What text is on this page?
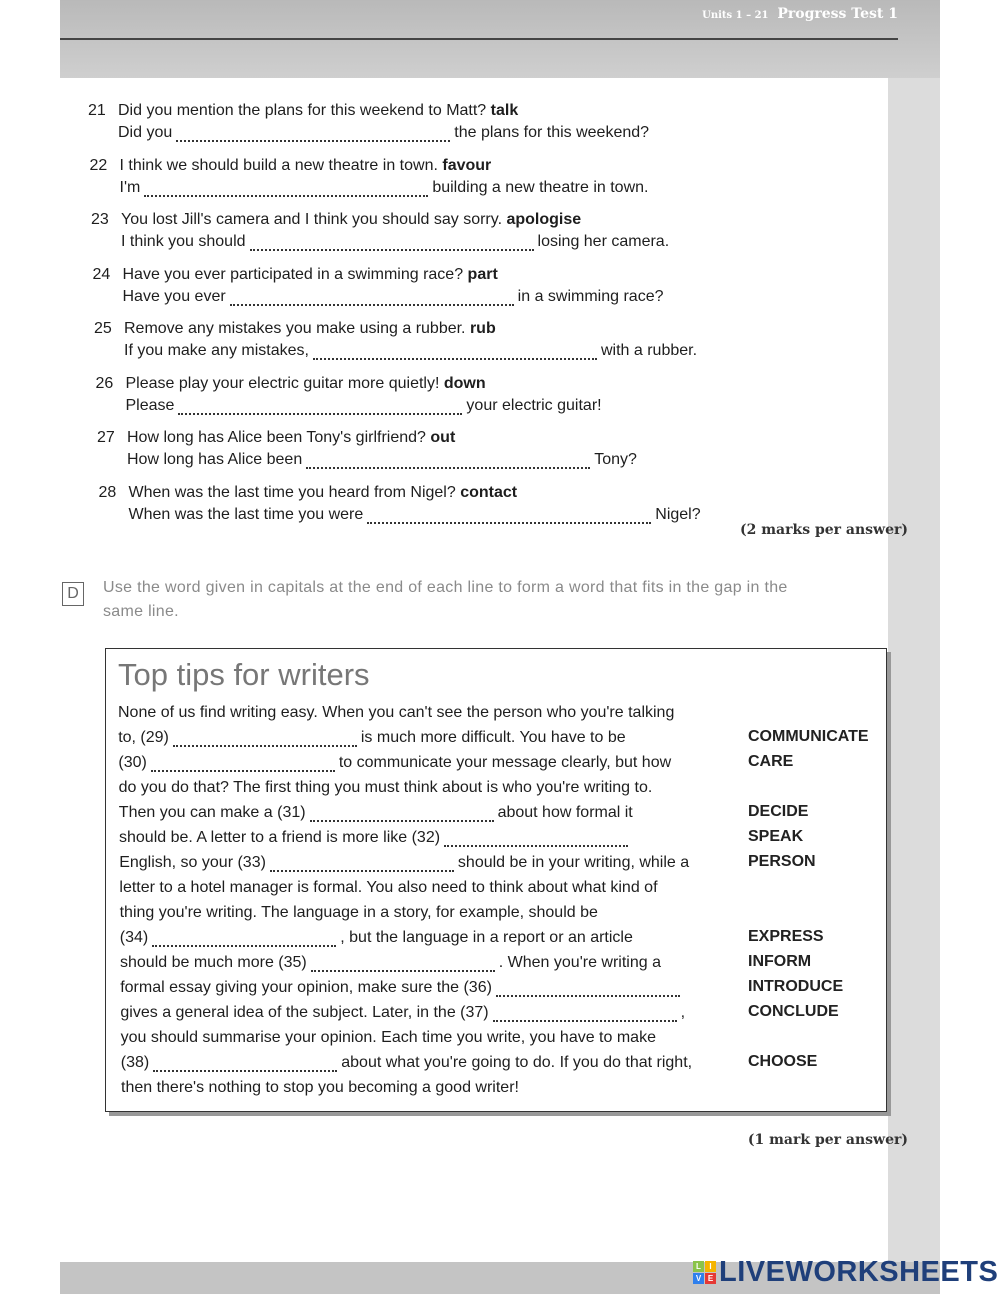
Units 1 – 21 Progress Test 1
21 Did you mention the plans for this weekend to Matt? talk
Did you	the plans for this weekend?
22 I think we should build a new theatre in town. favour
I'm	building a new theatre in town.
23 You lost Jill's camera and I think you should say sorry. apologise
I think you should	losing her camera.
24 Have you ever participated in a swimming race? part
Have you ever	in a swimming race?
25 Remove any mistakes you make using a rubber. rub
If you make any mistakes,	with a rubber.
26 Please play your electric guitar more quietly! down
Please	your electric guitar!
27 How long has Alice been Tony's girlfriend? out
How long has Alice been	Tony?
28 When was the last time you heard from Nigel? contact
When was the last time you were	Nigel?
(2 marks per answer)
D	Use the word given in capitals at the end of each line to form a word that fits in the gap in the same line.
Top tips for writers
None of us find writing easy. When you can't see the person who you're talking
to, (29)	is much more difficult. You have to be	COMMUNICATE
(30)	to communicate your message clearly, but how	CARE
do you do that? The first thing you must think about is who you're writing to.
Then you can make a (31)	about how formal it	DECIDE
should be. A letter to a friend is more like (32)	SPEAK
English, so your (33)	should be in your writing, while a	PERSON
letter to a hotel manager is formal. You also need to think about what kind of
thing you're writing. The language in a story, for example, should be
(34)	, but the language in a report or an article	EXPRESS
should be much more (35)	. When you're writing a	INFORM
formal essay giving your opinion, make sure the (36)	INTRODUCE
gives a general idea of the subject. Later, in the (37)	,	CONCLUDE
you should summarise your opinion. Each time you write, you have to make
(38)	about what you're going to do. If you do that right,	CHOOSE
then there's nothing to stop you becoming a good writer!
(1 mark per answer)
L	I
V E LIVEWORKSHEETS
